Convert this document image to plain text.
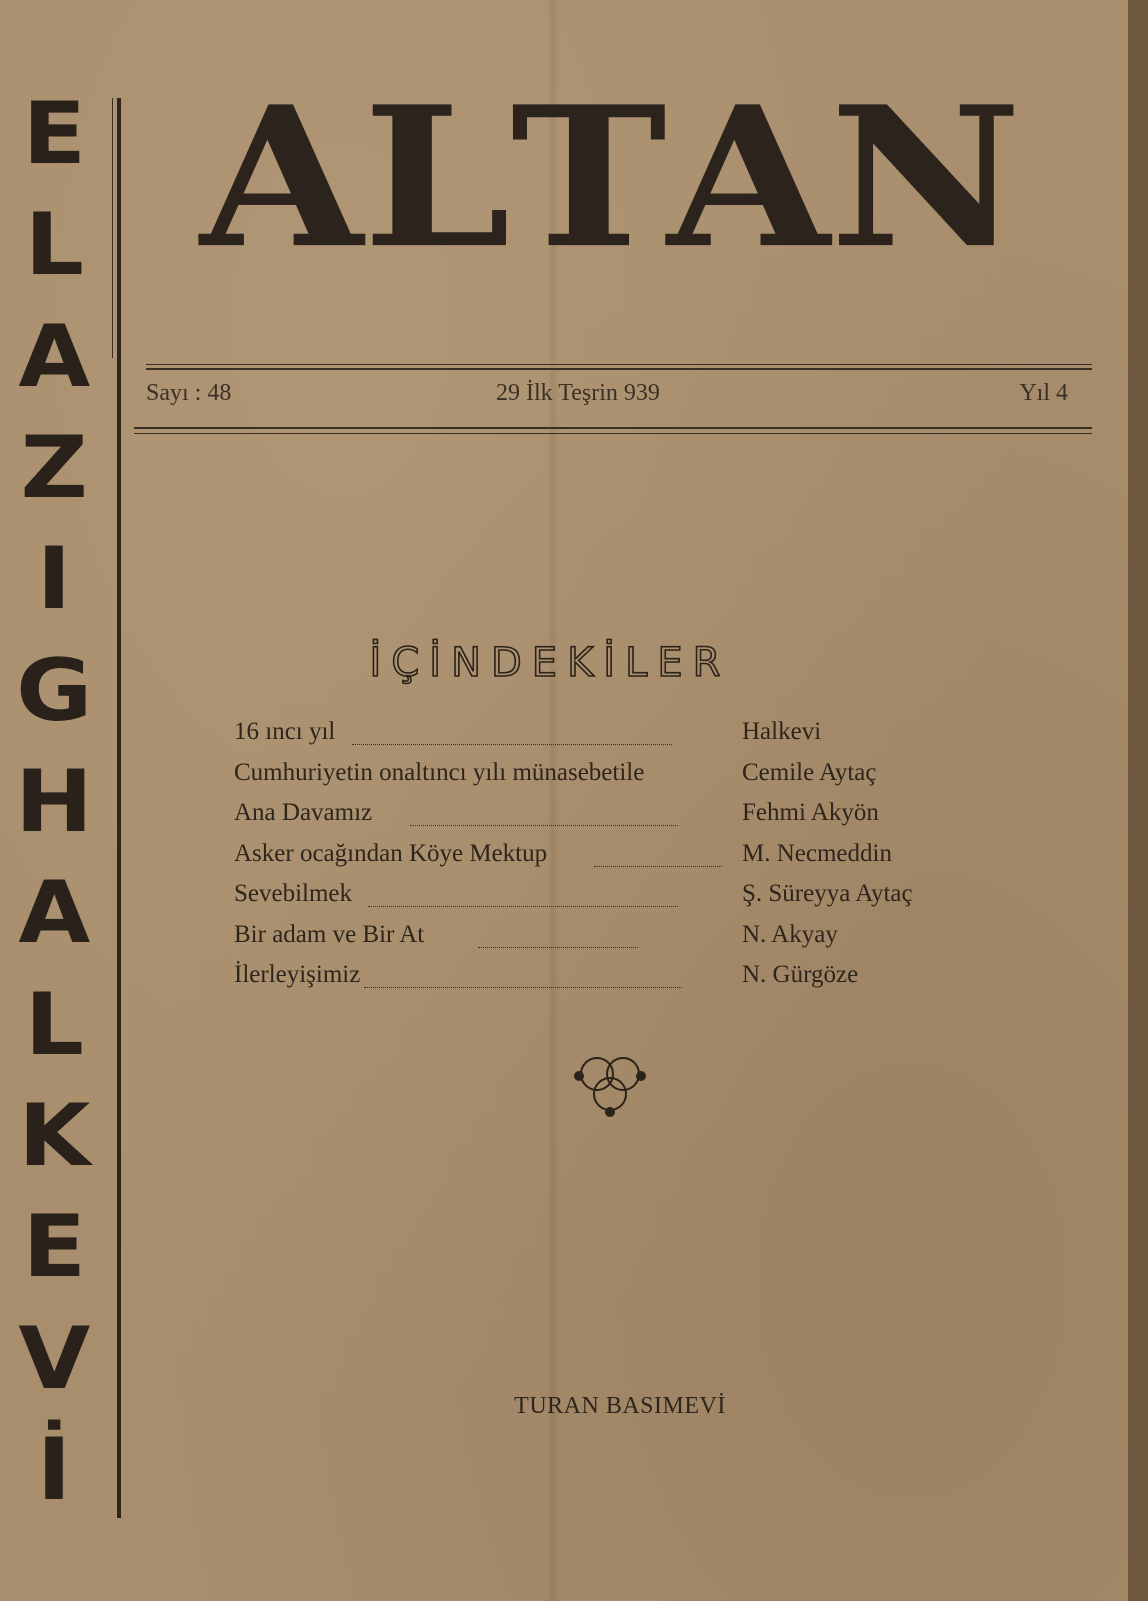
E
L
A
Z
I
G
H
A
L
K
E
V
İ
A L T A N
Sayı : 48	29 İlk Teşrin 939	Yıl 4
İÇİNDEKİLER
16 ıncı yıl	Halkevi
Cumhuriyetin onaltıncı yılı münasebetile	Cemile Aytaç
Ana Davamız	Fehmi Akyön
Asker ocağından Köye Mektup	M. Necmeddin
Sevebilmek	Ş. Süreyya Aytaç
Bir adam ve Bir At	N. Akyay
İlerleyişimiz	N. Gürgöze
TURAN BASIMEVİ
